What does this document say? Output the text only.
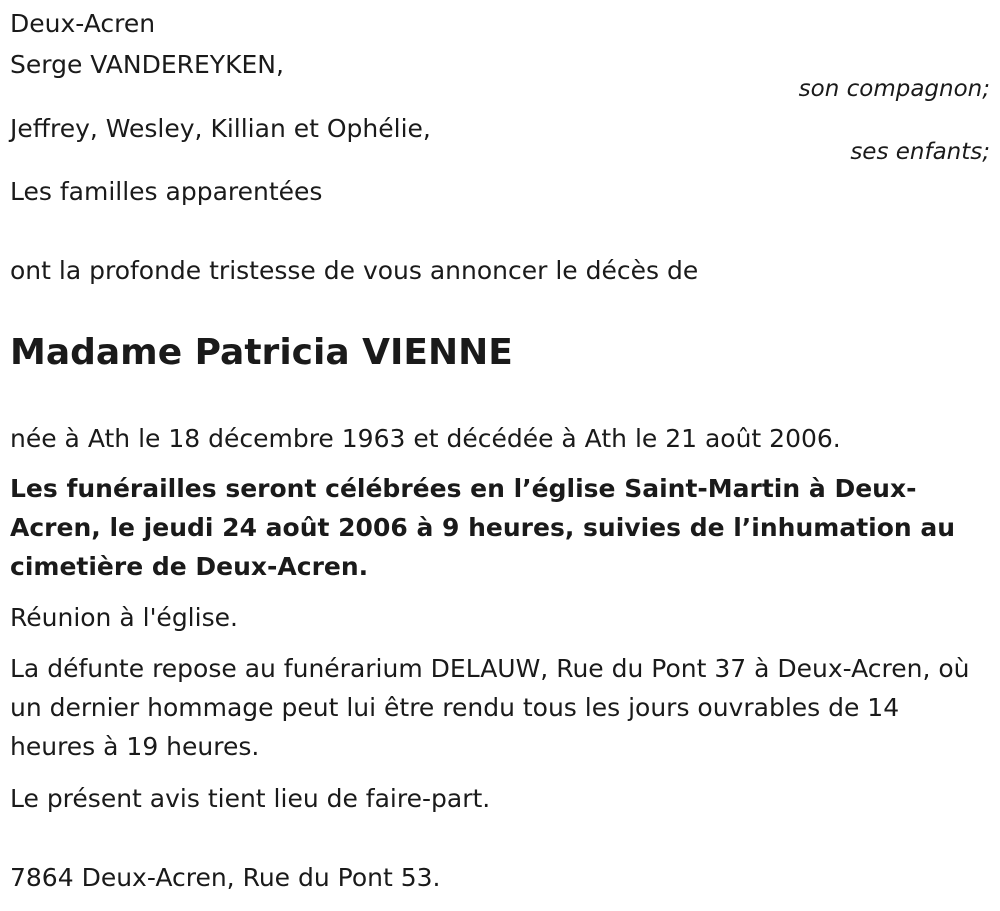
Deux-Acren
Serge VANDEREYKEN,
son compagnon;
Jeffrey, Wesley, Killian et Ophélie,
ses enfants;
Les familles apparentées
ont la profonde tristesse de vous annoncer le décès de
Madame Patricia VIENNE
née à Ath le 18 décembre 1963 et décédée à Ath le 21 août 2006.
Les funérailles seront célébrées en l’église Saint-Martin à Deux-Acren, le jeudi 24 août 2006 à 9 heures, suivies de l’inhumation au cimetière de Deux-Acren.
Réunion à l'église.
La défunte repose au funérarium DELAUW, Rue du Pont 37 à Deux-Acren, où un dernier hommage peut lui être rendu tous les jours ouvrables de 14 heures à 19 heures.
Le présent avis tient lieu de faire-part.
7864 Deux-Acren, Rue du Pont 53.
